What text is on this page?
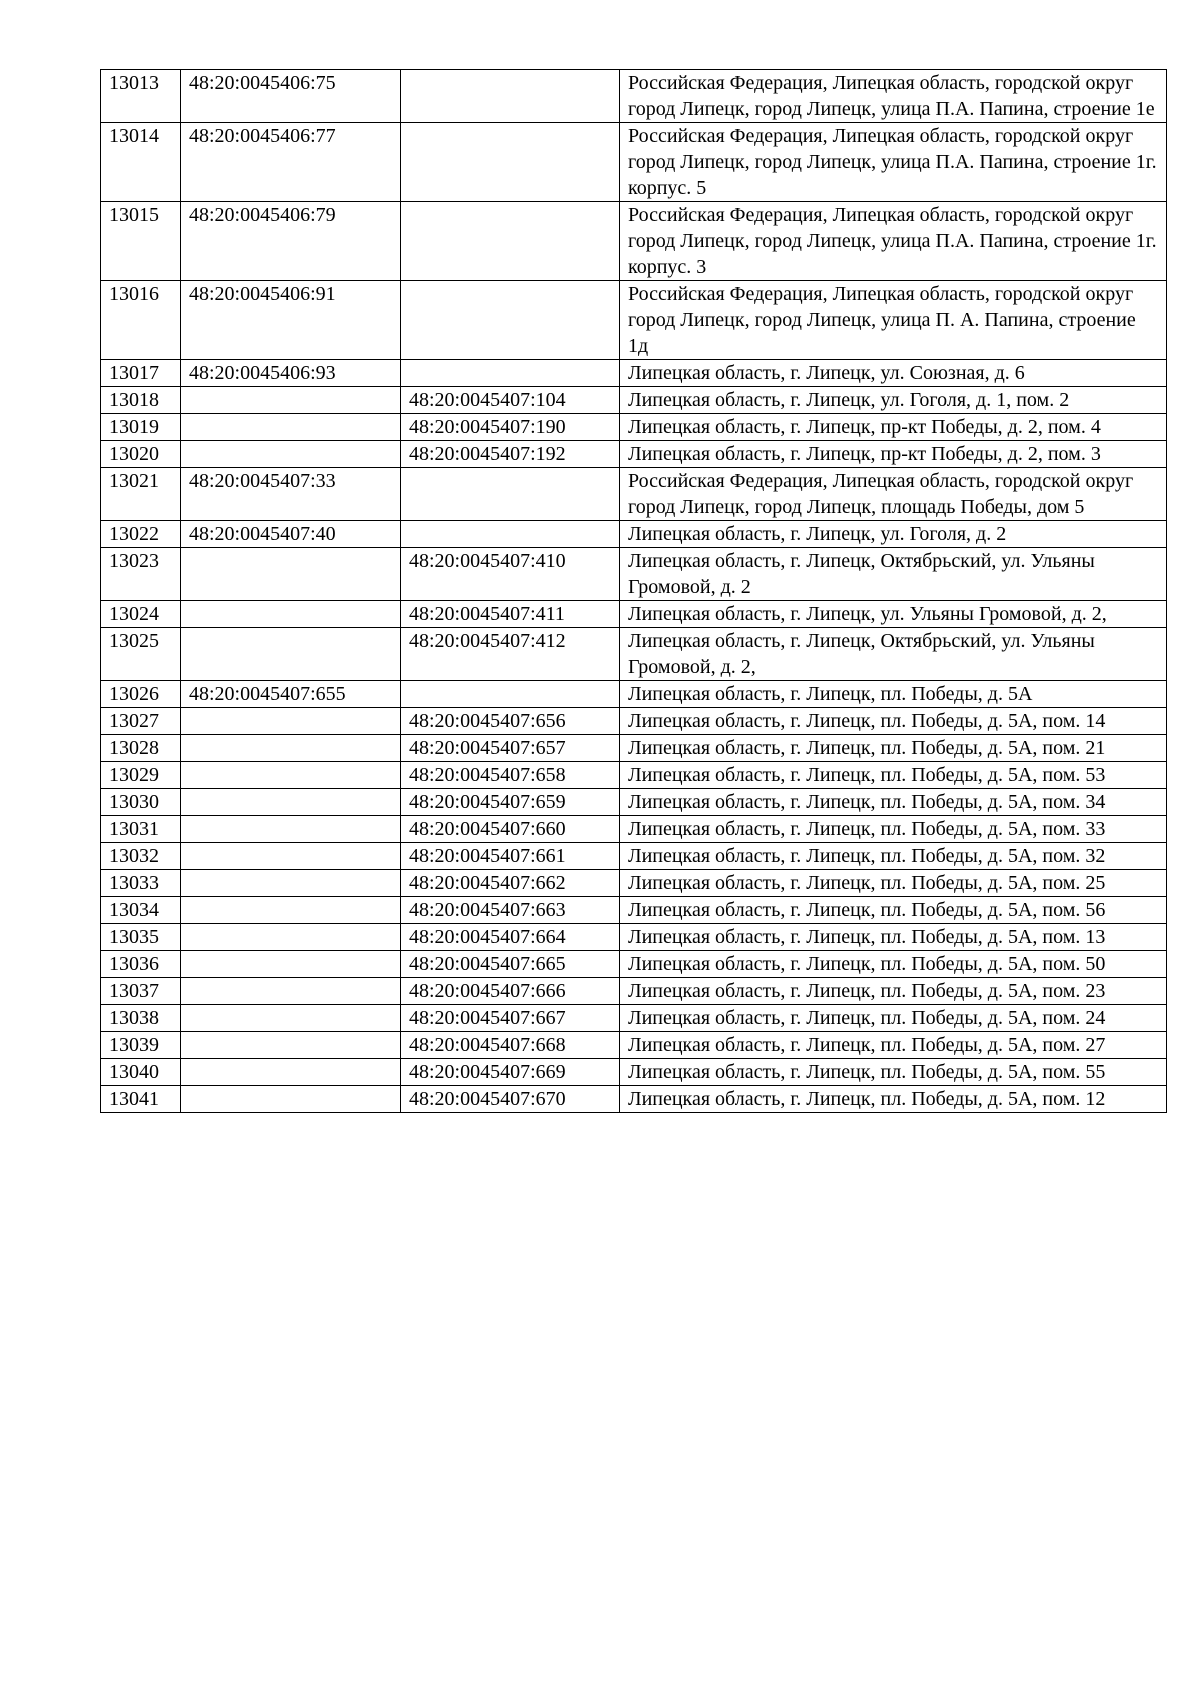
13013	48:20:0045406:75		Российская Федерация, Липецкая область, городской округ город Липецк, город Липецк, улица П.А. Папина, строение 1е
13014	48:20:0045406:77		Российская Федерация, Липецкая область, городской округ город Липецк, город Липецк, улица П.А. Папина, строение 1г. корпус. 5
13015	48:20:0045406:79		Российская Федерация, Липецкая область, городской округ город Липецк, город Липецк, улица П.А. Папина, строение 1г. корпус. 3
13016	48:20:0045406:91		Российская Федерация, Липецкая область, городской округ город Липецк, город Липецк, улица П. А. Папина, строение 1д
13017	48:20:0045406:93		Липецкая область, г. Липецк, ул. Союзная, д. 6
13018		48:20:0045407:104	Липецкая область, г. Липецк, ул. Гоголя, д. 1, пом. 2
13019		48:20:0045407:190	Липецкая область, г. Липецк, пр-кт Победы, д. 2, пом. 4
13020		48:20:0045407:192	Липецкая область, г. Липецк, пр-кт Победы, д. 2, пом. 3
13021	48:20:0045407:33		Российская Федерация, Липецкая область, городской округ город Липецк, город Липецк, площадь Победы, дом 5
13022	48:20:0045407:40		Липецкая область, г. Липецк, ул. Гоголя, д. 2
13023		48:20:0045407:410	Липецкая область, г. Липецк, Октябрьский, ул. Ульяны Громовой, д. 2
13024		48:20:0045407:411	Липецкая область, г. Липецк, ул. Ульяны Громовой, д. 2,
13025		48:20:0045407:412	Липецкая область, г. Липецк, Октябрьский, ул. Ульяны Громовой, д. 2,
13026	48:20:0045407:655		Липецкая область, г. Липецк, пл. Победы, д. 5А
13027		48:20:0045407:656	Липецкая область, г. Липецк, пл. Победы, д. 5А, пом. 14
13028		48:20:0045407:657	Липецкая область, г. Липецк, пл. Победы, д. 5А, пом. 21
13029		48:20:0045407:658	Липецкая область, г. Липецк, пл. Победы, д. 5А, пом. 53
13030		48:20:0045407:659	Липецкая область, г. Липецк, пл. Победы, д. 5А, пом. 34
13031		48:20:0045407:660	Липецкая область, г. Липецк, пл. Победы, д. 5А, пом. 33
13032		48:20:0045407:661	Липецкая область, г. Липецк, пл. Победы, д. 5А, пом. 32
13033		48:20:0045407:662	Липецкая область, г. Липецк, пл. Победы, д. 5А, пом. 25
13034		48:20:0045407:663	Липецкая область, г. Липецк, пл. Победы, д. 5А, пом. 56
13035		48:20:0045407:664	Липецкая область, г. Липецк, пл. Победы, д. 5А, пом. 13
13036		48:20:0045407:665	Липецкая область, г. Липецк, пл. Победы, д. 5А, пом. 50
13037		48:20:0045407:666	Липецкая область, г. Липецк, пл. Победы, д. 5А, пом. 23
13038		48:20:0045407:667	Липецкая область, г. Липецк, пл. Победы, д. 5А, пом. 24
13039		48:20:0045407:668	Липецкая область, г. Липецк, пл. Победы, д. 5А, пом. 27
13040		48:20:0045407:669	Липецкая область, г. Липецк, пл. Победы, д. 5А, пом. 55
13041		48:20:0045407:670	Липецкая область, г. Липецк, пл. Победы, д. 5А, пом. 12
